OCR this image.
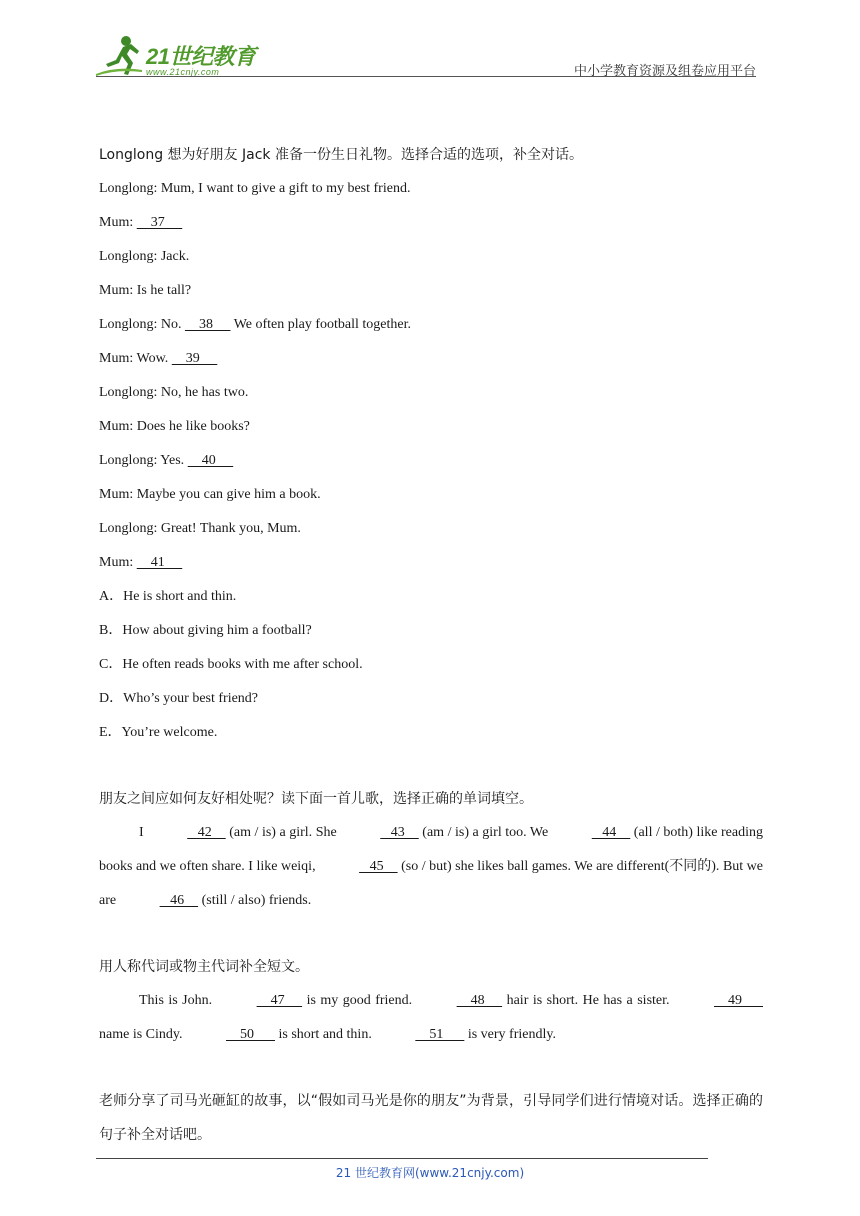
21世纪教育
www.21cnjy.com	中小学教育资源及组卷应用平台
Longlong 想为好朋友 Jack 准备一份生日礼物。选择合适的选项，补全对话。
Longlong: Mum, I want to give a gift to my best friend.
Mum:     37
Longlong: Jack.
Mum: Is he tall?
Longlong: No.     38      We often play football together.
Mum: Wow.     39
Longlong: No, he has two.
Mum: Does he like books?
Longlong: Yes.     40
Mum: Maybe you can give him a book.
Longlong: Great! Thank you, Mum.
Mum:     41
A．He is short and thin.
B．How about giving him a football?
C．He often reads books with me after school.
D．Who’s your best friend?
E．You’re welcome.
朋友之间应如何友好相处呢？读下面一首儿歌，选择正确的单词填空。
I	42     (am / is) a girl. She	43     (am / is) a girl too. We	44     (all / both) like reading books and we often share. I like weiqi,	45     (so / but) she likes ball games. We are different(不同的). But we are	46     (still / also) friends.
用人称代词或物主代词补全短文。
This is John.	47      is my good friend.	48      hair is short. He has a sister.	49       name is Cindy.	50       is short and thin.	51       is very friendly.
老师分享了司马光砸缸的故事，以“假如司马光是你的朋友”为背景，引导同学们进行情境对话。选择正确的句子补全对话吧。
21 世纪教育网(www.21cnjy.com)
